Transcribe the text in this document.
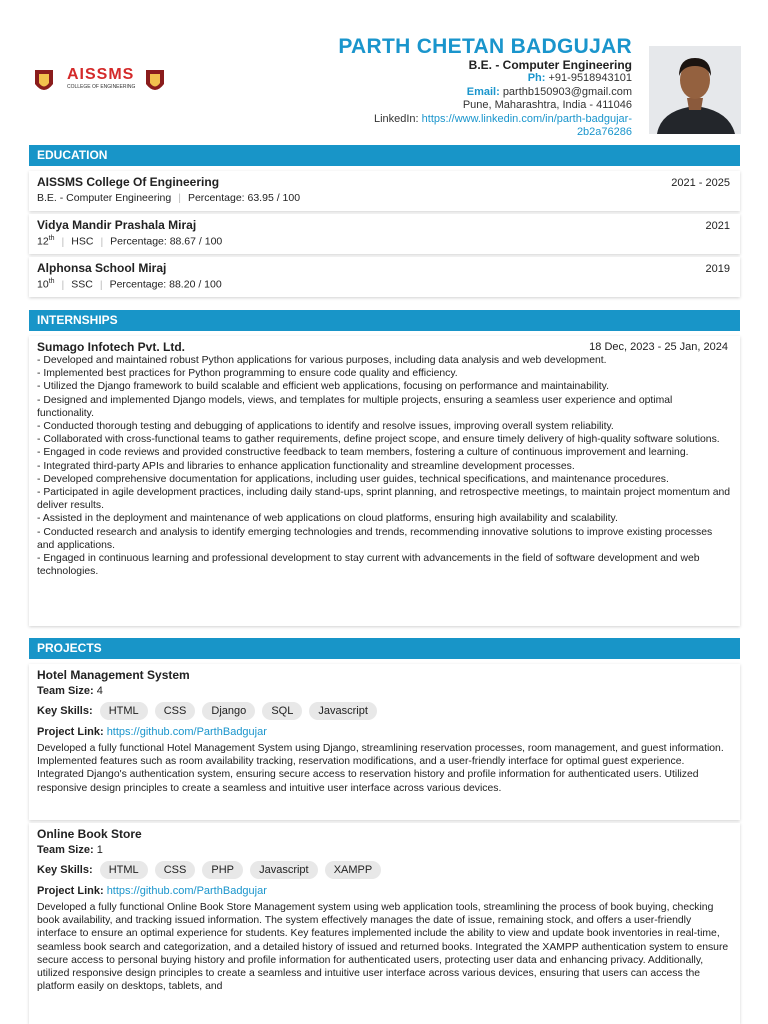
AISSMS
COLLEGE OF ENGINEERING
PARTH CHETAN BADGUJAR
B.E. - Computer Engineering
Ph: +91-9518943101
Email: parthb150903@gmail.com
Pune, Maharashtra, India - 411046
LinkedIn: https://www.linkedin.com/in/parth-badgujar-
2b2a76286
EDUCATION
AISSMS College Of Engineering	2021 - 2025
B.E. - Computer Engineering | Percentage: 63.95 / 100
Vidya Mandir Prashala Miraj	2021
12th | HSC | Percentage: 88.67 / 100
Alphonsa School Miraj	2019
10th | SSC | Percentage: 88.20 / 100
INTERNSHIPS
Sumago Infotech Pvt. Ltd.	18 Dec, 2023 - 25 Jan, 2024
- Developed and maintained robust Python applications for various purposes, including data analysis and web development.
- Implemented best practices for Python programming to ensure code quality and efficiency.
- Utilized the Django framework to build scalable and efficient web applications, focusing on performance and maintainability.
- Designed and implemented Django models, views, and templates for multiple projects, ensuring a seamless user experience and optimal functionality.
- Conducted thorough testing and debugging of applications to identify and resolve issues, improving overall system reliability.
- Collaborated with cross-functional teams to gather requirements, define project scope, and ensure timely delivery of high-quality software solutions.
- Engaged in code reviews and provided constructive feedback to team members, fostering a culture of continuous improvement and learning.
- Integrated third-party APIs and libraries to enhance application functionality and streamline development processes.
- Developed comprehensive documentation for applications, including user guides, technical specifications, and maintenance procedures.
- Participated in agile development practices, including daily stand-ups, sprint planning, and retrospective meetings, to maintain project momentum and deliver results.
- Assisted in the deployment and maintenance of web applications on cloud platforms, ensuring high availability and scalability.
- Conducted research and analysis to identify emerging technologies and trends, recommending innovative solutions to improve existing processes and applications.
- Engaged in continuous learning and professional development to stay current with advancements in the field of software development and web technologies.
PROJECTS
Hotel Management System
Team Size: 4
Key Skills: HTML CSS Django SQL Javascript
Project Link: https://github.com/ParthBadgujar
Developed a fully functional Hotel Management System using Django, streamlining reservation processes, room management, and guest information. Implemented features such as room availability tracking, reservation modifications, and a user-friendly interface for optimal guest experience. Integrated Django's authentication system, ensuring secure access to reservation history and profile information for authenticated users. Utilized responsive design principles to create a seamless and intuitive user interface across various devices.
Online Book Store
Team Size: 1
Key Skills: HTML CSS PHP Javascript XAMPP
Project Link: https://github.com/ParthBadgujar
Developed a fully functional Online Book Store Management system using web application tools, streamlining the process of book buying, checking book availability, and tracking issued information. The system effectively manages the date of issue, remaining stock, and offers a user-friendly interface to ensure an optimal experience for students. Key features implemented include the ability to view and update book inventories in real-time, seamless book search and categorization, and a detailed history of issued and returned books. Integrated the XAMPP authentication system to ensure secure access to personal buying history and profile information for authenticated users, protecting user data and enhancing privacy. Additionally, utilized responsive design principles to create a seamless and intuitive user interface across various devices, ensuring that users can access the platform easily on desktops, tablets, and
